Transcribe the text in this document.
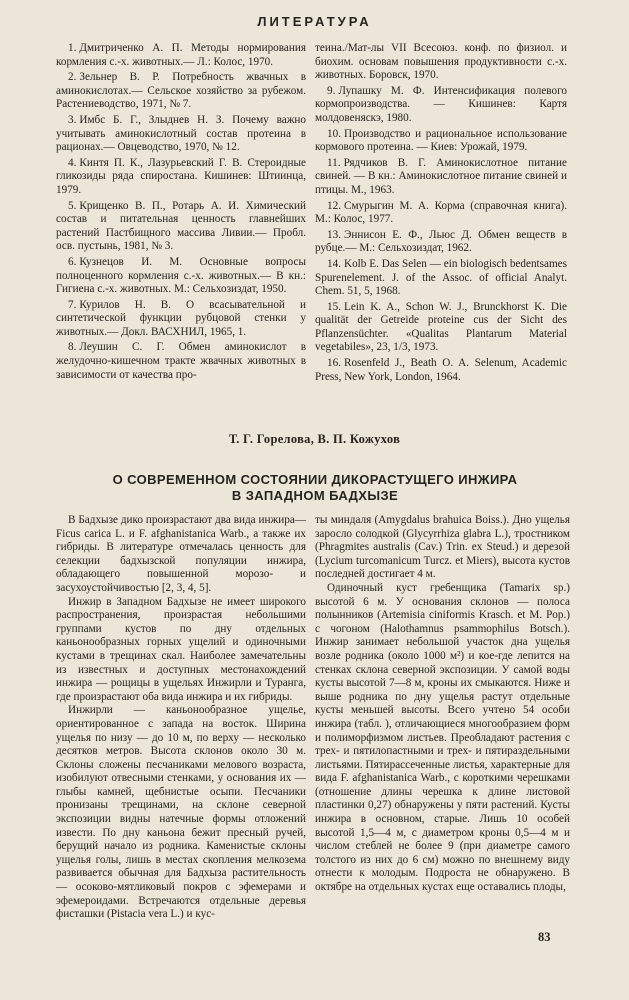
ЛИТЕРАТУРА

1. Дмитриченко А. П. Методы нормирования кормления с.-х. животных.— Л.: Колос, 1970.

2. Зельнер В. Р. Потребность жвачных в аминокислотах.— Сельское хозяйство за рубежом. Растениеводство, 1971, № 7.

3. Имбс Б. Г., Злыднев Н. З. Почему важно учитывать аминокислотный состав протеина в рационах.— Овцеводство, 1970, № 12.

4. Кинтя П. К., Лазурьевский Г. В. Стероидные гликозиды ряда спиростана. Кишинев: Штиинца, 1979.

5. Крищенко В. П., Ротарь А. И. Химический состав и питательная ценность главнейших растений Пастбищного массива Ливии.— Пробл. осв. пустынь, 1981, № 3.

6. Кузнецов И. М. Основные вопросы полноценного кормления с.-х. животных.— В кн.: Гигиена с.-х. животных. М.: Сельхозиздат, 1950.

7. Курилов Н. В. О всасывательной и синтетической функции рубцовой стенки у животных.— Докл. ВАСХНИЛ, 1965, 1.

8. Леушин С. Г. Обмен аминокислот в желудочно-кишечном тракте жвачных животных в зависимости от качества про-

теина./Мат-лы VII Всесоюз. конф. по физиол. и биохим. основам повышения продуктивности с.-х. животных. Боровск, 1970.

9. Лупашку М. Ф. Интенсификация полевого кормопроизводства. — Кишинев: Картя молдовеняскэ, 1980.

10. Производство и рациональное использование кормового протеина. — Киев: Урожай, 1979.

11. Рядчиков В. Г. Аминокислотное питание свиней. — В кн.: Аминокислотное питание свиней и птицы. М., 1963.

12. Смурыгин М. А. Корма (справочная книга). М.: Колос, 1977.

13. Эннисон Е. Ф., Льюс Д. Обмен веществ в рубце.— М.: Сельхозиздат, 1962.

14. Kolb E. Das Selen — ein biologisch bedentsames Spurenelement. J. of the Assoc. of official Analyt. Chem. 51, 5, 1968.

15. Lein K. A., Schon W. J., Brunckhorst K. Die qualität der Getreide proteine cus der Sicht des Pflanzensüchter. «Qualitas Plantarum Material vegetabiles», 23, 1/3, 1973.

16. Rosenfeld J., Beath O. A. Selenum, Academic Press, New York, London, 1964.

Т. Г. Горелова, В. П. Кожухов
О СОВРЕМЕННОМ СОСТОЯНИИ ДИКОРАСТУЩЕГО ИНЖИРА
В ЗАПАДНОМ БАДХЫЗЕ

В Бадхызе дико произрастают два вида инжира—Ficus carica L. и F. afghanistanica Warb., а также их гибриды. В литературе отмечалась ценность для селекции бадхызской популяции инжира, обладающего повышенной морозо- и засухоустойчивостью [2, 3, 4, 5].

Инжир в Западном Бадхызе не имеет широкого распространения, произрастая небольшими группами кустов по дну отдельных каньонообразных горных ущелий и одиночными кустами в трещинах скал. Наиболее замечательны из известных и доступных местонахождений инжира — рощицы в ущельях Инжирли и Туранга, где произрастают оба вида инжира и их гибриды.

Инжирли — каньонообразное ущелье, ориентированное с запада на восток. Ширина ущелья по низу — до 10 м, по верху — несколько десятков метров. Высота склонов около 30 м. Склоны сложены песчаниками мелового возраста, изобилуют отвесными стенками, у основания их — глыбы камней, щебнистые осыпи. Песчаники пронизаны трещинами, на склоне северной экспозиции видны натечные формы отложений извести. По дну каньона бежит пресный ручей, берущий начало из родника. Каменистые склоны ущелья голы, лишь в местах скопления мелкозема развивается обычная для Бадхыза растительность — осоково-мятликовый покров с эфемерами и эфемероидами. Встречаются отдельные деревья фисташки (Pistacia vera L.) и кус-

ты миндаля (Amygdalus brahuica Boiss.). Дно ущелья заросло солодкой (Glycyrrhiza glabra L.), тростником (Phragmites australis (Cav.) Trin. ex Steud.) и дерезой (Lycium turcomanicum Turcz. et Miers), высота кустов последней достигает 4 м.

Одиночный куст гребенщика (Tamarix sp.) высотой 6 м. У основания склонов — полоса полынников (Artemisia ciniformis Krasch. et M. Pop.) с чогоном (Halothamnus psammophilus Botsch.). Инжир занимает небольшой участок дна ущелья возле родника (около 1000 м²) и кое-где лепится на стенках склона северной экспозиции. У самой воды кусты высотой 7—8 м, кроны их смыкаются. Ниже и выше родника по дну ущелья растут отдельные кусты меньшей высоты. Всего учтено 54 особи инжира (табл. ), отличающиеся многообразием форм и полиморфизмом листьев. Преобладают растения с трех- и пятилопастными и трех- и пятираздельными листьями. Пятирассеченные листья, характерные для вида F. afghanistanica Warb., с короткими черешками (отношение длины черешка к длине листовой пластинки 0,27) обнаружены у пяти растений. Кусты инжира в основном, старые. Лишь 10 особей высотой 1,5—4 м, с диаметром кроны 0,5—4 м и числом стеблей не более 9 (при диаметре самого толстого из них до 6 см) можно по внешнему виду отнести к молодым. Подроста не обнаружено. В октябре на отдельных кустах еще оставались плоды,

83
